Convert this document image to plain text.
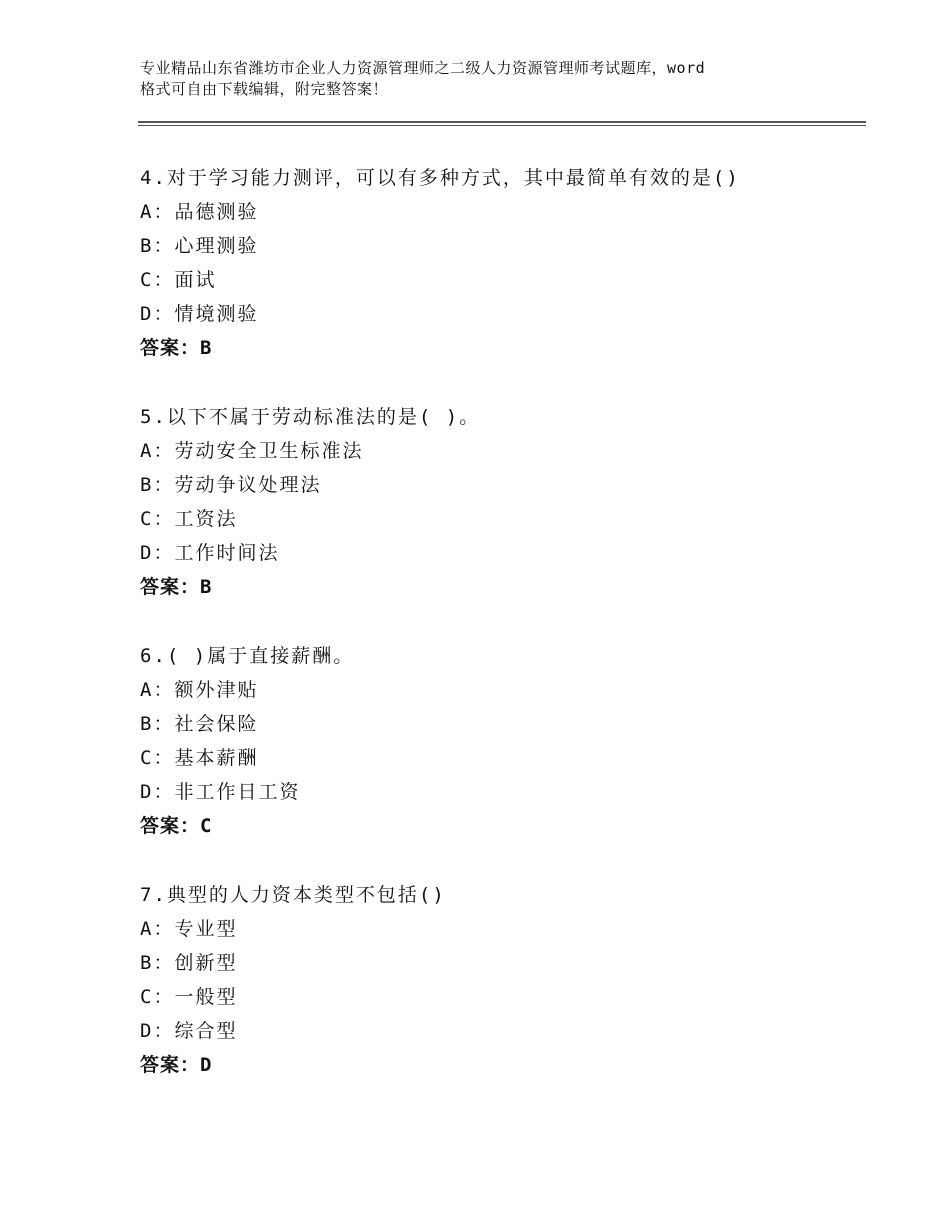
专业精品山东省潍坊市企业人力资源管理师之二级人力资源管理师考试题库，word
格式可自由下载编辑，附完整答案！
4.对于学习能力测评，可以有多种方式，其中最简单有效的是()
A：品德测验
B：心理测验
C：面试
D：情境测验
答案：B
5.以下不属于劳动标准法的是( )。
A：劳动安全卫生标准法
B：劳动争议处理法
C：工资法
D：工作时间法
答案：B
6.( )属于直接薪酬。
A：额外津贴
B：社会保险
C：基本薪酬
D：非工作日工资
答案：C
7.典型的人力资本类型不包括()
A：专业型
B：创新型
C：一般型
D：综合型
答案：D
